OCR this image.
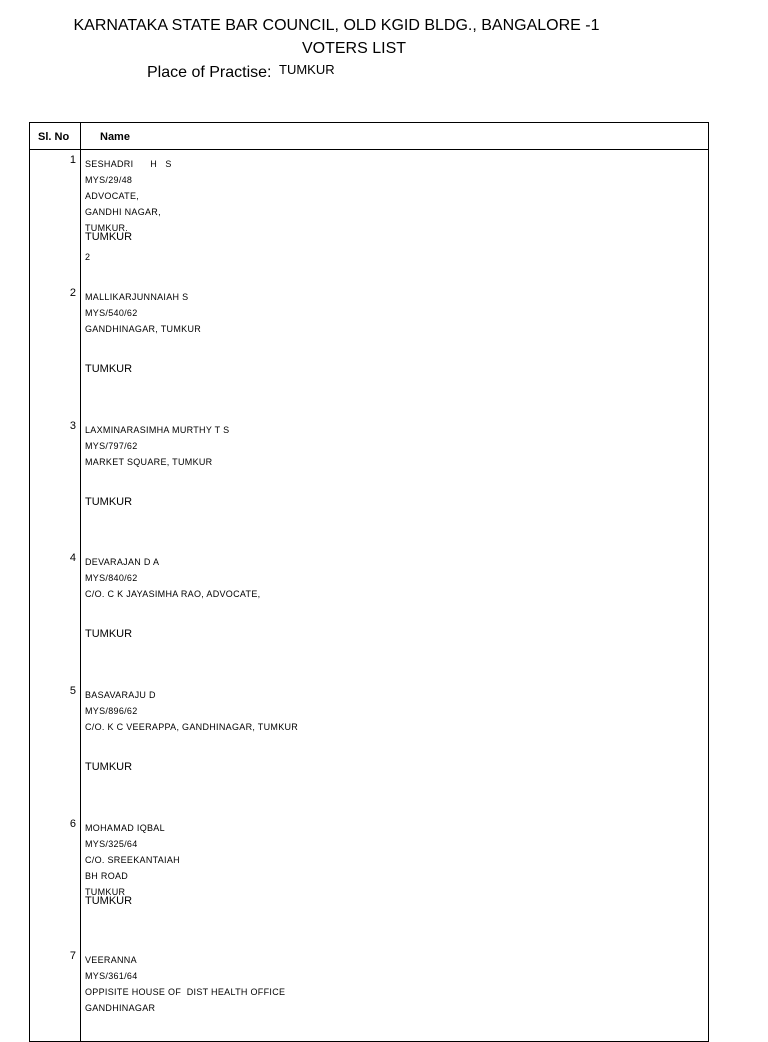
KARNATAKA STATE BAR COUNCIL, OLD KGID BLDG., BANGALORE -1
VOTERS LIST
Place of Practise: TUMKUR
Sl. No	Name
1 SESHADRI      H   S
MYS/29/48
ADVOCATE,
GANDHI NAGAR,
TUMKUR.
TUMKUR
2
2 MALLIKARJUNNAIAH S
MYS/540/62
GANDHINAGAR, TUMKUR
TUMKUR
3 LAXMINARASIMHA MURTHY T S
MYS/797/62
MARKET SQUARE, TUMKUR
TUMKUR
4 DEVARAJAN D A
MYS/840/62
C/O. C K JAYASIMHA RAO, ADVOCATE,
TUMKUR
5 BASAVARAJU D
MYS/896/62
C/O. K C VEERAPPA, GANDHINAGAR, TUMKUR
TUMKUR
6 MOHAMAD IQBAL
MYS/325/64
C/O. SREEKANTAIAH
BH ROAD
TUMKUR
TUMKUR
7 VEERANNA
MYS/361/64
OPPISITE HOUSE OF  DIST HEALTH OFFICE
GANDHINAGAR
